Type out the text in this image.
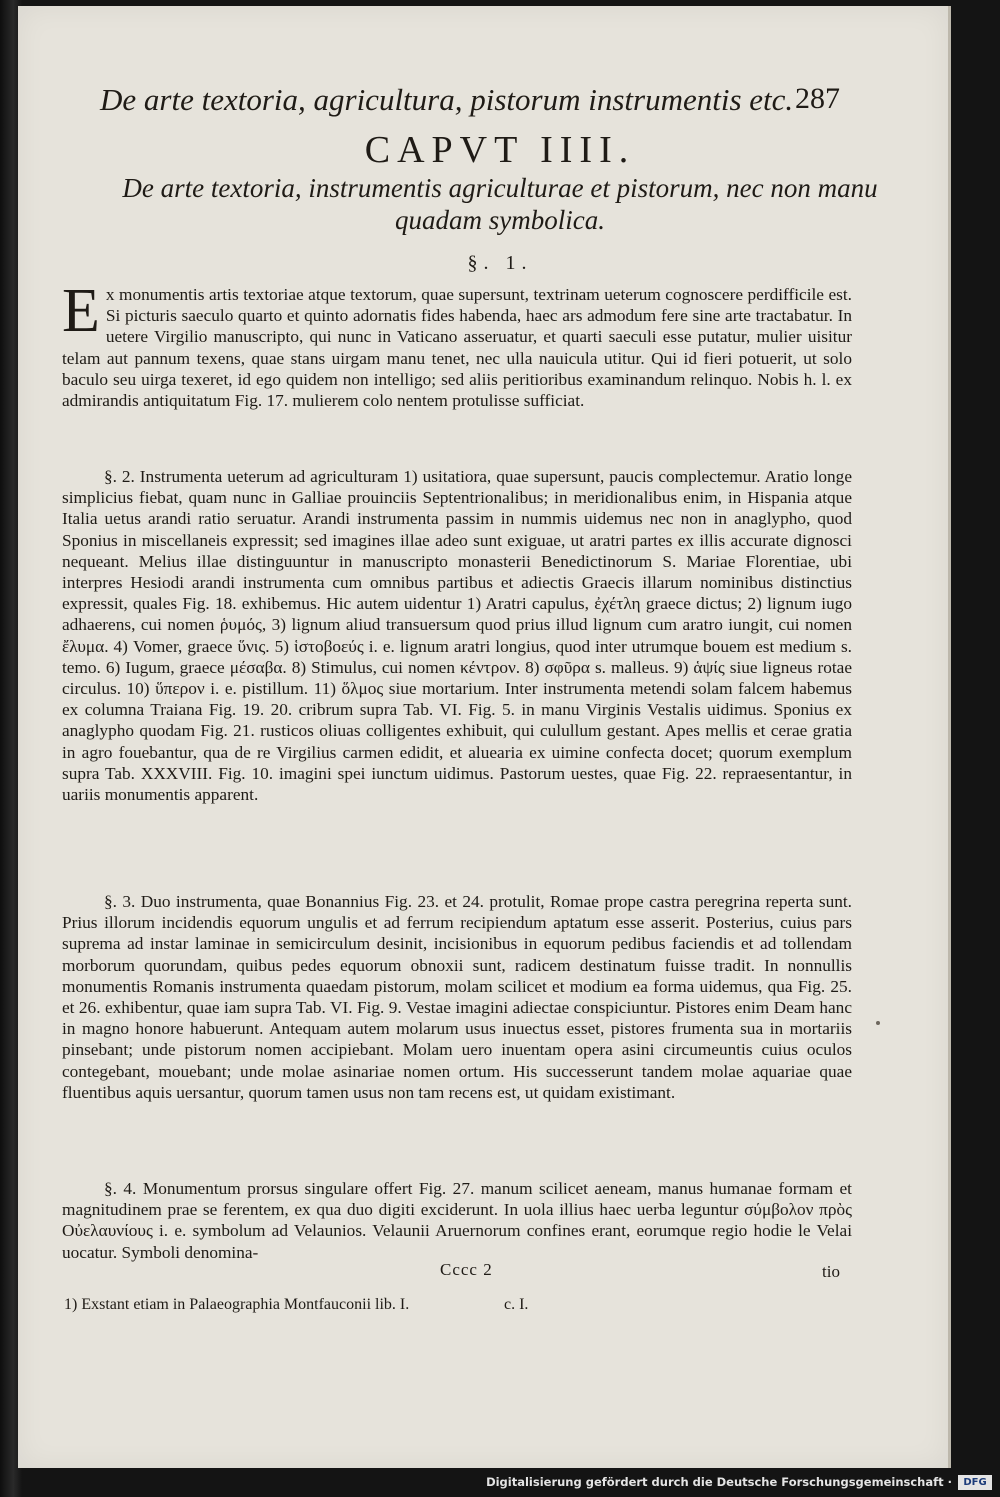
De arte textoria, agricultura, pistorum instrumentis etc. 287
CAPVT IIII.
De arte textoria, instrumentis agriculturae et pistorum, nec non manu quadam symbolica.
§. 1.
E x monumentis artis textoriae atque textorum, quae supersunt, textrinam ueterum cognoscere perdifficile est. Si picturis saeculo quarto et quinto adornatis fides habenda, haec ars admodum fere sine arte tractabatur. In uetere Virgilio manuscripto, qui nunc in Vaticano asseruatur, et quarti saeculi esse putatur, mulier uisitur telam aut pannum texens, quae stans uirgam manu tenet, nec ulla nauicula utitur. Qui id fieri potuerit, ut solo baculo seu uirga texeret, id ego quidem non intelligo; sed aliis peritioribus examinandum relinquo. Nobis h. l. ex admirandis antiquitatum Fig. 17. mulierem colo nentem protulisse sufficiat.
§. 2. Instrumenta ueterum ad agriculturam 1) usitatiora, quae supersunt, paucis complectemur. Aratio longe simplicius fiebat, quam nunc in Galliae prouinciis Septentrionalibus; in meridionalibus enim, in Hispania atque Italia uetus arandi ratio seruatur. Arandi instrumenta passim in nummis uidemus nec non in anaglypho, quod Sponius in miscellaneis expressit; sed imagines illae adeo sunt exiguae, ut aratri partes ex illis accurate dignosci nequeant. Melius illae distinguuntur in manuscripto monasterii Benedictinorum S. Mariae Florentiae, ubi interpres Hesiodi arandi instrumenta cum omnibus partibus et adiectis Graecis illarum nominibus distinctius expressit, quales Fig. 18. exhibemus. Hic autem uidentur 1) Aratri capulus, ἐχέτλη graece dictus; 2) lignum iugo adhaerens, cui nomen ῥυμός, 3) lignum aliud transuersum quod prius illud lignum cum aratro iungit, cui nomen ἔλυμα. 4) Vomer, graece ὕνις. 5) ἱστοβοεύς i. e. lignum aratri longius, quod inter utrumque bouem est medium s. temo. 6) Iugum, graece μέσαβα. 8) Stimulus, cui nomen κέντρον. 8) σφῦρα s. malleus. 9) ἁψίς siue ligneus rotae circulus. 10) ὕπερον i. e. pistillum. 11) ὅλμος siue mortarium. Inter instrumenta metendi solam falcem habemus ex columna Traiana Fig. 19. 20. cribrum supra Tab. VI. Fig. 5. in manu Virginis Vestalis uidimus. Sponius ex anaglypho quodam Fig. 21. rusticos oliuas colligentes exhibuit, qui culullum gestant. Apes mellis et cerae gratia in agro fouebantur, qua de re Virgilius carmen edidit, et aluearia ex uimine confecta docet; quorum exemplum supra Tab. XXXVIII. Fig. 10. imagini spei iunctum uidimus. Pastorum uestes, quae Fig. 22. repraesentantur, in uariis monumentis apparent.
§. 3. Duo instrumenta, quae Bonannius Fig. 23. et 24. protulit, Romae prope castra peregrina reperta sunt. Prius illorum incidendis equorum ungulis et ad ferrum recipiendum aptatum esse asserit. Posterius, cuius pars suprema ad instar laminae in semicirculum desinit, incisionibus in equorum pedibus faciendis et ad tollendam morborum quorundam, quibus pedes equorum obnoxii sunt, radicem destinatum fuisse tradit. In nonnullis monumentis Romanis instrumenta quaedam pistorum, molam scilicet et modium ea forma uidemus, qua Fig. 25. et 26. exhibentur, quae iam supra Tab. VI. Fig. 9. Vestae imagini adiectae conspiciuntur. Pistores enim Deam hanc in magno honore habuerunt. Antequam autem molarum usus inuectus esset, pistores frumenta sua in mortariis pinsebant; unde pistorum nomen accipiebant. Molam uero inuentam opera asini circumeuntis cuius oculos contegebant, mouebant; unde molae asinariae nomen ortum. His successerunt tandem molae aquariae quae fluentibus aquis uersantur, quorum tamen usus non tam recens est, ut quidam existimant.
§. 4. Monumentum prorsus singulare offert Fig. 27. manum scilicet aeneam, manus humanae formam et magnitudinem prae se ferentem, ex qua duo digiti exciderunt. In uola illius haec uerba leguntur σύμβολον πρὸς Οὐελαυνίους i. e. symbolum ad Velaunios. Velaunii Aruernorum confines erant, eorumque regio hodie le Velai uocatur. Symboli denomina-
Cccc 2	tio
1) Exstant etiam in Palaeographia Montfauconii lib. I.	c. I.
Digitalisierung gefördert durch die Deutsche Forschungsgemeinschaft ·	DFG
